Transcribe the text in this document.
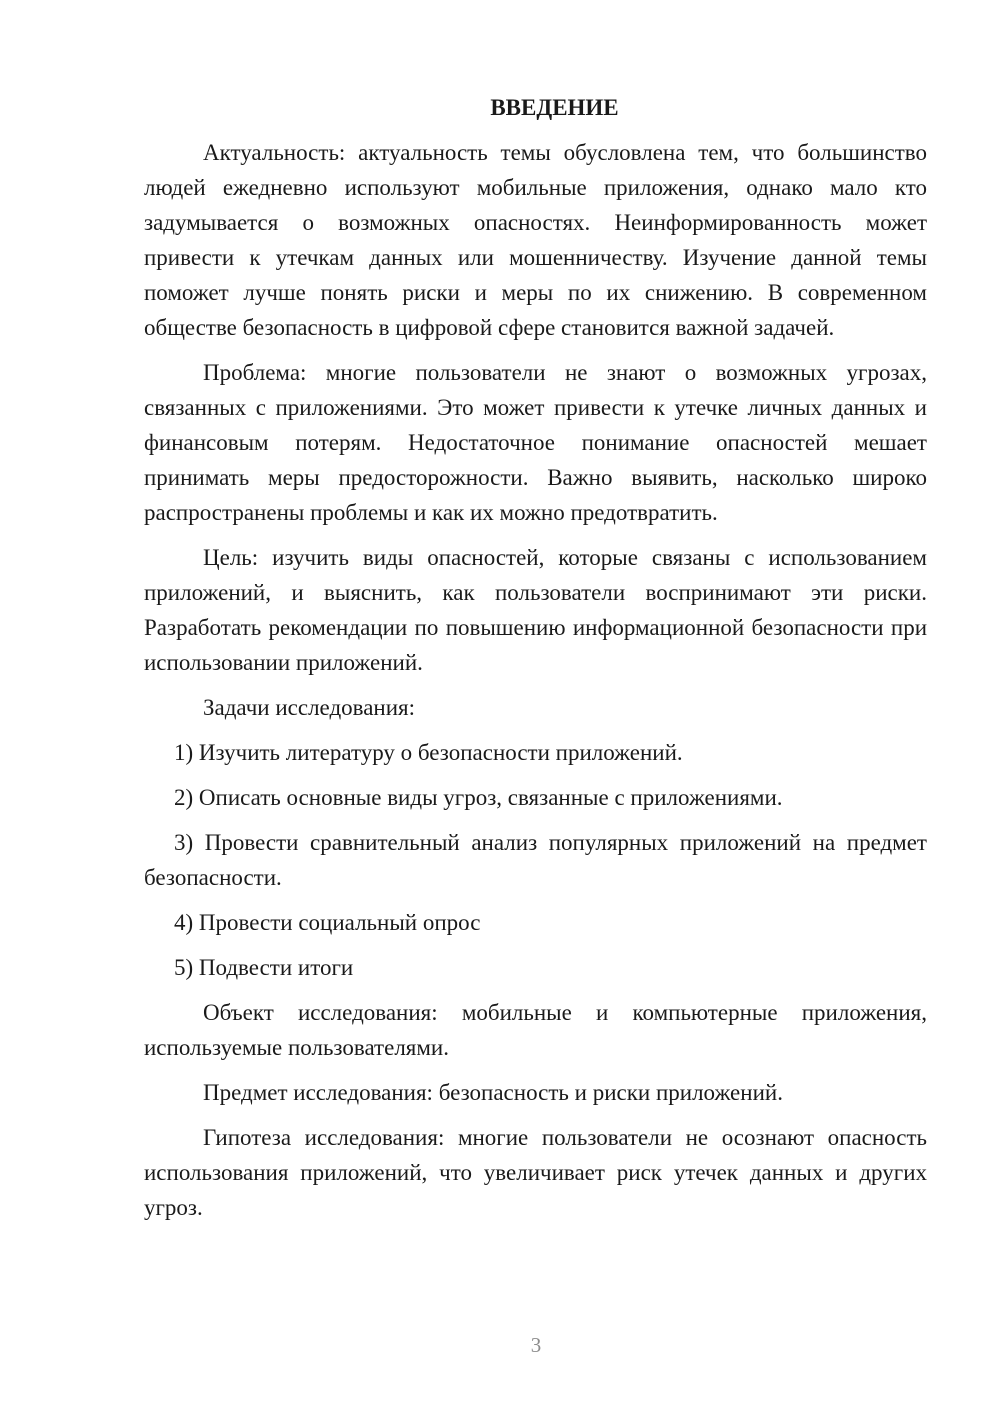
ВВЕДЕНИЕ

Актуальность: актуальность темы обусловлена тем, что большинство людей ежедневно используют мобильные приложения, однако мало кто задумывается о возможных опасностях. Неинформированность может привести к утечкам данных или мошенничеству. Изучение данной темы поможет лучше понять риски и меры по их снижению. В современном обществе безопасность в цифровой сфере становится важной задачей.

Проблема: многие пользователи не знают о возможных угрозах, связанных с приложениями. Это может привести к утечке личных данных и финансовым потерям. Недостаточное понимание опасностей мешает принимать меры предосторожности. Важно выявить, насколько широко распространены проблемы и как их можно предотвратить.

Цель: изучить виды опасностей, которые связаны с использованием приложений, и выяснить, как пользователи воспринимают эти риски. Разработать рекомендации по повышению информационной безопасности при использовании приложений.

Задачи исследования:

1) Изучить литературу о безопасности приложений.

2) Описать основные виды угроз, связанные с приложениями.

3) Провести сравнительный анализ популярных приложений на предмет безопасности.

4) Провести социальный опрос

5) Подвести итоги

Объект исследования: мобильные и компьютерные приложения, используемые пользователями.

Предмет исследования: безопасность и риски приложений.

Гипотеза исследования: многие пользователи не осознают опасность использования приложений, что увеличивает риск утечек данных и других угроз.

3
